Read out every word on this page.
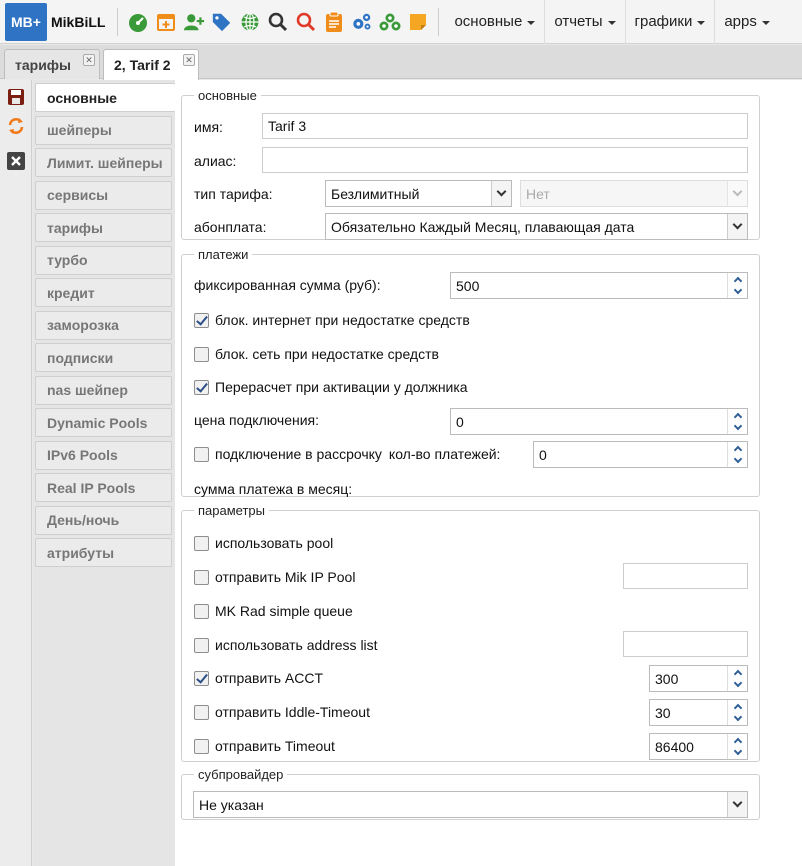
MB+ MikBiLL	основные отчеты графики apps
тарифы ✕ 2, Tarif 2 ✕
основные
шейперы
Лимит. шейперы
сервисы
тарифы
турбо
кредит
заморозка
подписки
nas шейпер
Dynamic Pools
IPv6 Pools
Real IP Pools
День/ночь
атрибуты
основные
имя:	Tarif 3
алиас:
тип тарифа:	Безлимитный	Нет
абонплата:	Обязательно Каждый Месяц, плавающая дата
платежи
фиксированная сумма (руб):	500
блок. интернет при недостатке средств
блок. сеть при недостатке средств
Перерасчет при активации у должника
цена подключения:	0
подключение в рассрочку кол-во платежей:	0
сумма платежа в месяц:
параметры
использовать pool
отправить Mik IP Pool
MK Rad simple queue
использовать address list
отправить ACCT	300
отправить Iddle-Timeout	30
отправить Timeout	86400
субпровайдер
Не указан
